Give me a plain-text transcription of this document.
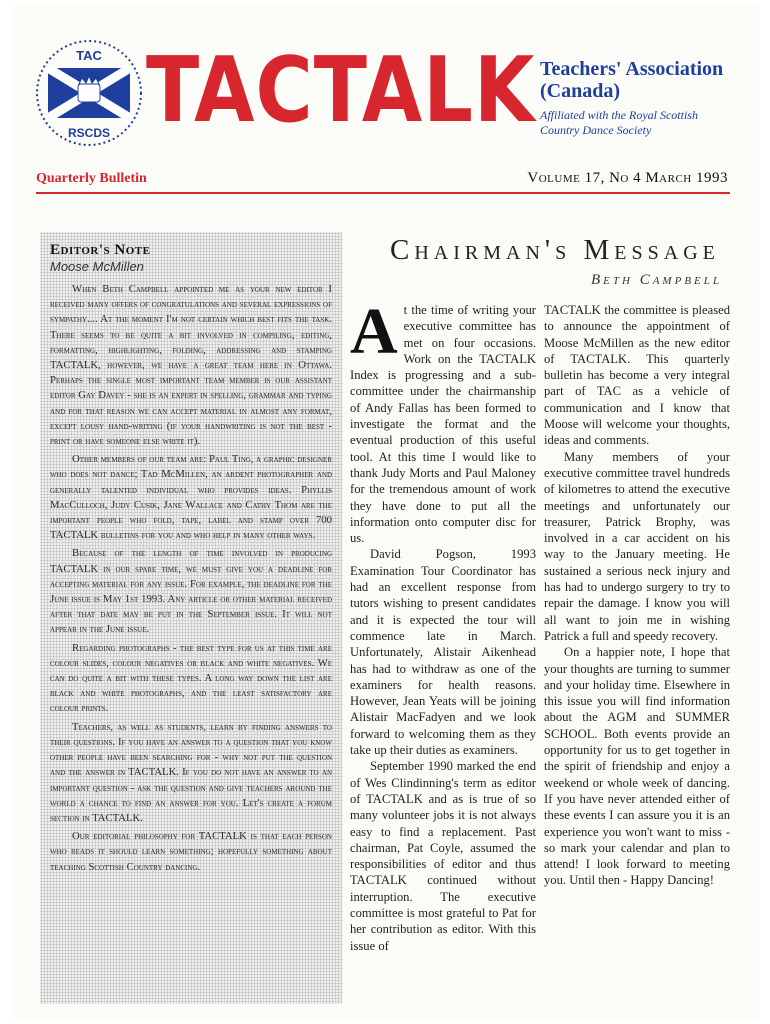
TAC
RSCDS TACTALK Teachers' Association
(Canada)
Affiliated with the Royal Scottish
Country Dance Society
Quarterly Bulletin	Volume 17, No 4 March 1993
Editor's Note
Moose McMillen

When Beth Campbell appointed me as your new editor I received many offers of congratulations and several expressions of sympathy.... At the moment I'm not certain which best fits the task. There seems to be quite a bit involved in compiling, editing, formatting, highlighting, folding, addressing and stamping TACTALK, however, we have a great team here in Ottawa. Perhaps the single most important team member is our assistant editor Gay Davey - she is an expert in spelling, grammar and typing and for that reason we can accept material in almost any format, except lousy hand-writing (if your handwriting is not the best - print or have someone else write it).

Other members of our team are: Paul Ting, a graphic designer who does not dance; Tad McMillen, an ardent photographer and generally talented individual who provides ideas. Phyllis MacCulloch, Judy Cusik, Jane Wallace and Cathy Thom are the important people who fold, tape, label and stamp over 700 TACTALK bulletins for you and who help in many other ways.

Because of the length of time involved in producing TACTALK in our spare time, we must give you a deadline for accepting material for any issue. For example, the deadline for the June issue is May 1st 1993. Any article or other material received after that date may be put in the September issue. It will not appear in the June issue.

Regarding photographs - the best type for us at this time are colour slides, colour negatives or black and white negatives. We can do quite a bit with these types. A long way down the list are black and white photographs, and the least satisfactory are colour prints.

Teachers, as well as students, learn by finding answers to their questions. If you have an answer to a question that you know other people have been searching for - why not put the question and the answer in TACTALK. If you do not have an answer to an important question - ask the question and give teachers around the world a chance to find an answer for you. Let's create a forum section in TACTALK.

Our editorial philosophy for TACTALK is that each person who reads it should learn something; hopefully something about teaching Scottish Country dancing.

Chairman's Message
Beth Campbell
A t the time of writing your executive committee has met on four occasions. Work on the TACTALK Index is progressing and a sub-committee under the chairmanship of Andy Fallas has been formed to investigate the format and the eventual production of this useful tool. At this time I would like to thank Judy Morts and Paul Maloney for the tremendous amount of work they have done to put all the information onto computer disc for us.

David Pogson, 1993 Examination Tour Coordinator has had an excellent response from tutors wishing to present candidates and it is expected the tour will commence late in March. Unfortunately, Alistair Aikenhead has had to withdraw as one of the examiners for health reasons. However, Jean Yeats will be joining Alistair MacFadyen and we look forward to welcoming them as they take up their duties as examiners.

September 1990 marked the end of Wes Clindinning's term as editor of TACTALK and as is true of so many volunteer jobs it is not always easy to find a replacement. Past chairman, Pat Coyle, assumed the responsibilities of editor and thus TACTALK continued without interruption. The executive committee is most grateful to Pat for her contribution as editor. With this issue of

TACTALK the committee is pleased to announce the appointment of Moose McMillen as the new editor of TACTALK. This quarterly bulletin has become a very integral part of TAC as a vehicle of communication and I know that Moose will welcome your thoughts, ideas and comments.

Many members of your executive committee travel hundreds of kilometres to attend the executive meetings and unfortunately our treasurer, Patrick Brophy, was involved in a car accident on his way to the January meeting. He sustained a serious neck injury and has had to undergo surgery to try to repair the damage. I know you will all want to join me in wishing Patrick a full and speedy recovery.

On a happier note, I hope that your thoughts are turning to summer and your holiday time. Elsewhere in this issue you will find information about the AGM and SUMMER SCHOOL. Both events provide an opportunity for us to get together in the spirit of friendship and enjoy a weekend or whole week of dancing. If you have never attended either of these events I can assure you it is an experience you won't want to miss - so mark your calendar and plan to attend! I look forward to meeting you. Until then - Happy Dancing!
